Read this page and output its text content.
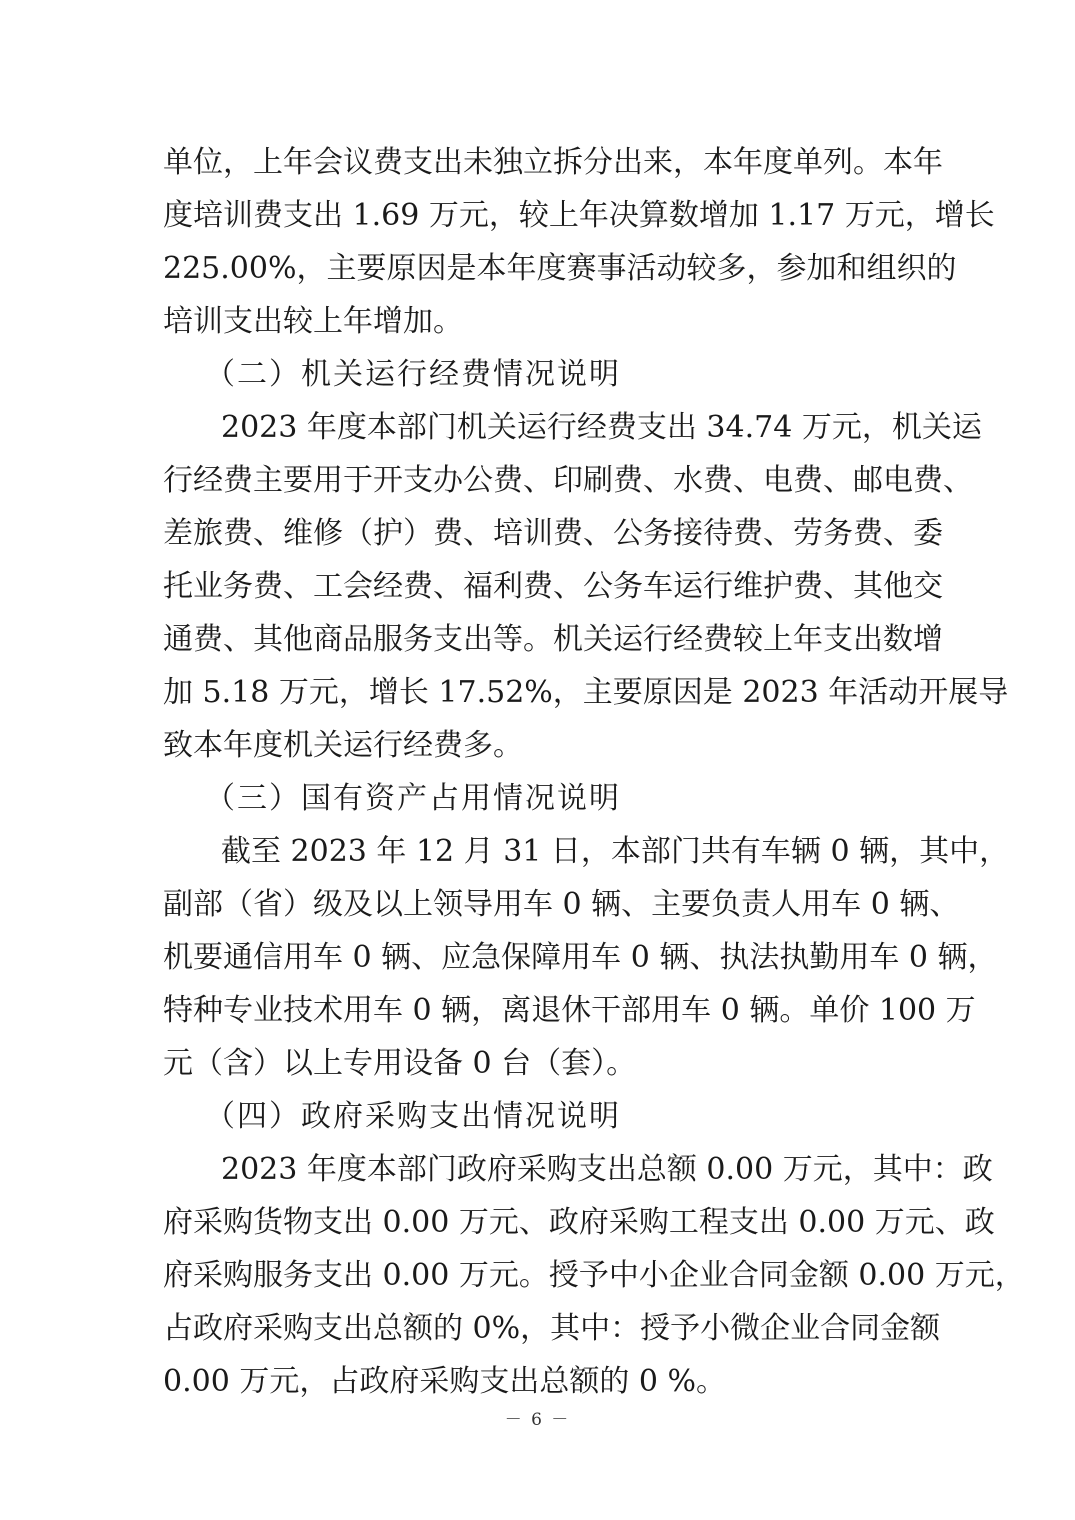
单位，上年会议费支出未独立拆分出来，本年度单列。本年
度培训费支出 1.69 万元，较上年决算数增加 1.17 万元，增长
225.00%，主要原因是本年度赛事活动较多，参加和组织的
培训支出较上年增加。
（二）机关运行经费情况说明
2023 年度本部门机关运行经费支出 34.74 万元，机关运
行经费主要用于开支办公费、印刷费、水费、电费、邮电费、
差旅费、维修（护）费、培训费、公务接待费、劳务费、委
托业务费、工会经费、福利费、公务车运行维护费、其他交
通费、其他商品服务支出等。机关运行经费较上年支出数增
加 5.18 万元，增长 17.52%，主要原因是 2023 年活动开展导
致本年度机关运行经费多。
（三）国有资产占用情况说明
截至 2023 年 12 月 31 日，本部门共有车辆 0 辆，其中，
副部（省）级及以上领导用车 0 辆、主要负责人用车 0 辆、
机要通信用车 0 辆、应急保障用车 0 辆、执法执勤用车 0 辆，
特种专业技术用车 0 辆，离退休干部用车 0 辆。单价 100 万
元（含）以上专用设备 0 台（套）。
（四）政府采购支出情况说明
2023 年度本部门政府采购支出总额 0.00 万元，其中：政
府采购货物支出 0.00 万元、政府采购工程支出 0.00 万元、政
府采购服务支出 0.00 万元。授予中小企业合同金额 0.00 万元，
占政府采购支出总额的 0%，其中：授予小微企业合同金额
0.00 万元，占政府采购支出总额的 0 %。
－ 6 －
